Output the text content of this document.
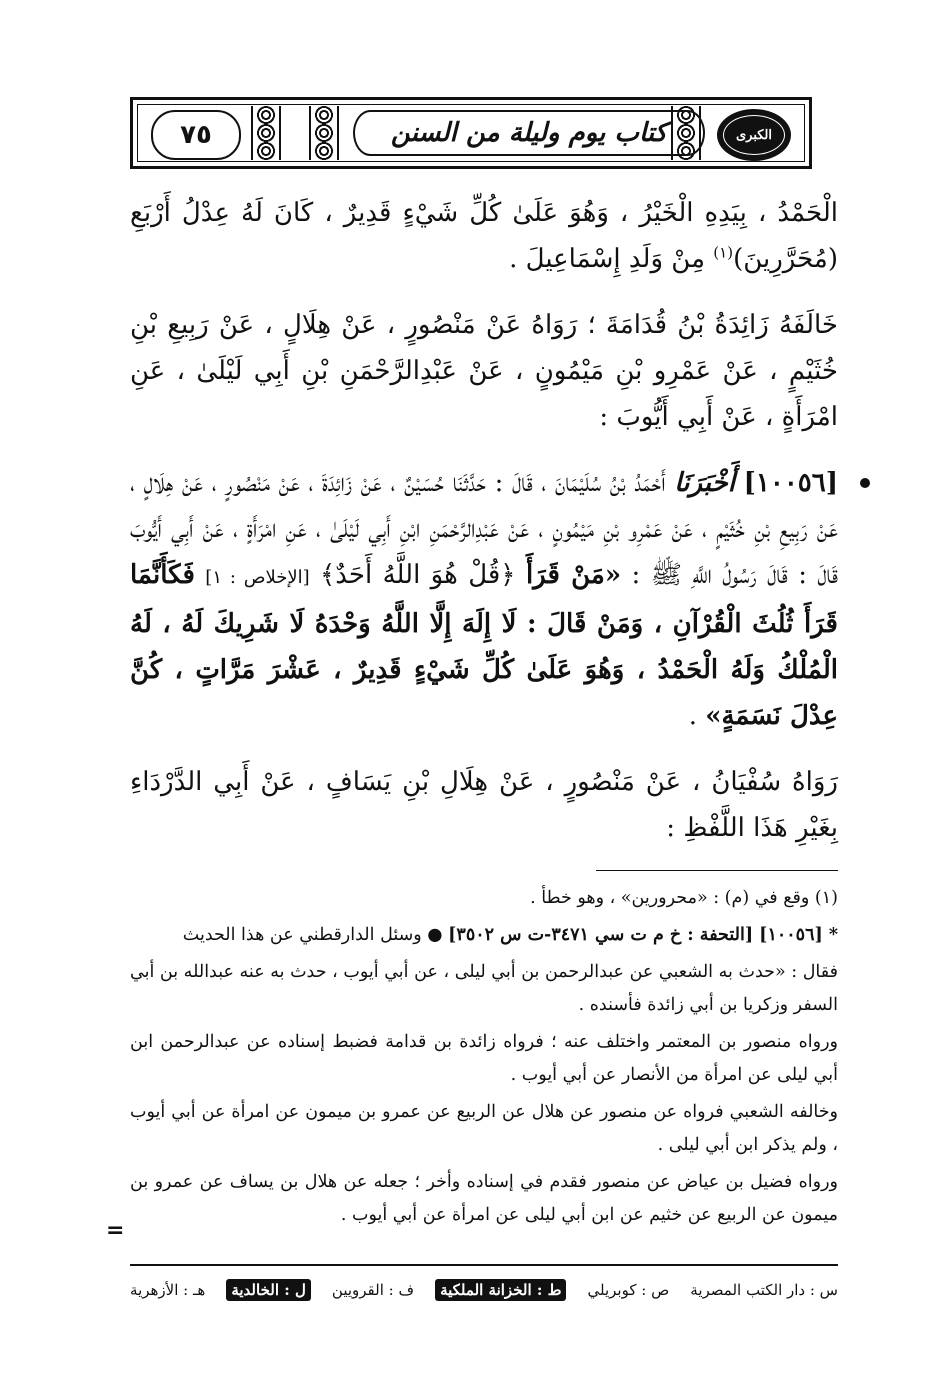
٧٥	كتاب يوم وليلة من السنن	الكبرى

الْحَمْدُ ، بِيَدِهِ الْخَيْرُ ، وَهُوَ عَلَىٰ كُلِّ شَيْءٍ قَدِيرٌ ، كَانَ لَهُ عِدْلُ أَرْبَعِ (مُحَرَّرِينَ)$^{(١)}$ مِنْ وَلَدِ إِسْمَاعِيلَ .

خَالَفَهُ زَائِدَةُ بْنُ قُدَامَةَ ؛ رَوَاهُ عَنْ مَنْصُورٍ ، عَنْ هِلَالٍ ، عَنْ رَبِيعِ بْنِ خُثَيْمٍ ، عَنْ عَمْرِو بْنِ مَيْمُونٍ ، عَنْ عَبْدِالرَّحْمَنِ بْنِ أَبِي لَيْلَىٰ ، عَنِ امْرَأَةٍ ، عَنْ أَبِي أَيُّوبَ :

[١٠٠٥٦] أَخْبَرَنَا أَحْمَدُ بْنُ سُلَيْمَانَ ، قَالَ : حَدَّثَنَا حُسَيْنٌ ، عَنْ زَائِدَةَ ، عَنْ مَنْصُورٍ ، عَنْ هِلَالٍ ، عَنْ رَبِيعِ بْنِ خُثَيْمٍ ، عَنْ عَمْرِو بْنِ مَيْمُونٍ ، عَنْ عَبْدِالرَّحْمَنِ ابْنِ أَبِي لَيْلَىٰ ، عَنِ امْرَأَةٍ ، عَنْ أَبِي أَيُّوبَ قَالَ : قَالَ رَسُولُ اللَّهِ ﷺ : «مَنْ قَرَأَ ﴿قُلْ هُوَ اللَّهُ أَحَدٌ﴾ [الإخلاص : ١] فَكَأَنَّمَا قَرَأَ ثُلُثَ الْقُرْآنِ ، وَمَنْ قَالَ : لَا إِلَهَ إِلَّا اللَّهُ وَحْدَهُ لَا شَرِيكَ لَهُ ، لَهُ الْمُلْكُ وَلَهُ الْحَمْدُ ، وَهُوَ عَلَىٰ كُلِّ شَيْءٍ قَدِيرٌ ، عَشْرَ مَرَّاتٍ ، كُنَّ عِدْلَ نَسَمَةٍ» .

رَوَاهُ سُفْيَانُ ، عَنْ مَنْصُورٍ ، عَنْ هِلَالِ بْنِ يَسَافٍ ، عَنْ أَبِي الدَّرْدَاءِ بِغَيْرِ هَذَا اللَّفْظِ :

(١) وقع في (م) : «محرورين» ، وهو خطأ .

* [١٠٠٥٦] [التحفة : خ م ت سي ٣٤٧١-ت س ٣٥٠٢] ● وسئل الدارقطني عن هذا الحديث

فقال : «حدث به الشعبي عن عبدالرحمن بن أبي ليلى ، عن أبي أيوب ، حدث به عنه عبدالله بن أبي السفر وزكريا بن أبي زائدة فأسنده .

ورواه منصور بن المعتمر واختلف عنه ؛ فرواه زائدة بن قدامة فضبط إسناده عن عبدالرحمن ابن أبي ليلى عن امرأة من الأنصار عن أبي أيوب .

وخالفه الشعبي فرواه عن منصور عن هلال عن الربيع عن عمرو بن ميمون عن امرأة عن أبي أيوب ، ولم يذكر ابن أبي ليلى .

ورواه فضيل بن عياض عن منصور فقدم في إسناده وأخر ؛ جعله عن هلال بن يساف عن عمرو بن ميمون عن الربيع عن خثيم عن ابن أبي ليلى عن امرأة عن أبي أيوب .

=
س : دار الكتب المصرية
ص : كوبريلي
ط : الخزانة الملكية
ف : القرويين
ل : الخالدية
هـ : الأزهرية
